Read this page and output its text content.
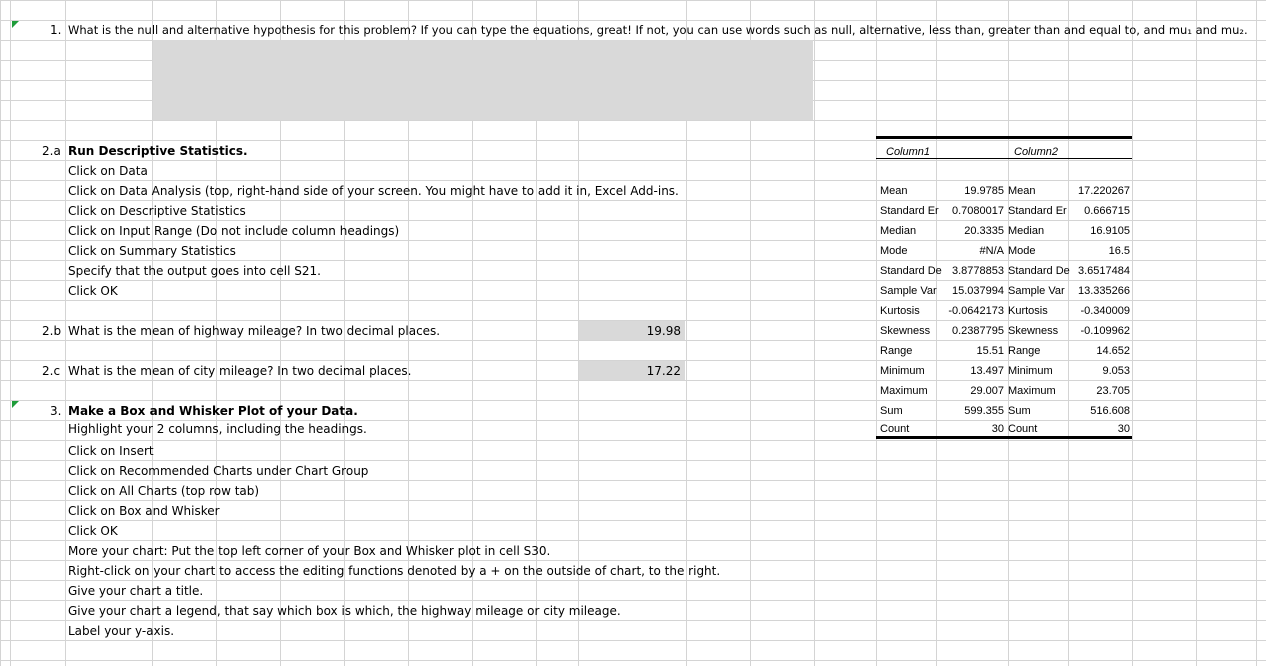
1. What is the null and alternative hypothesis for this problem? If you can type the equations, great! If not, you can use words such as null, alternative, less than, greater than and equal to, and mu₁ and mu₂.
2.a Run Descriptive Statistics.
Click on Data
Click on Data Analysis (top, right-hand side of your screen. You might have to add it in, Excel Add-ins.
Click on Descriptive Statistics
Click on Input Range (Do not include column headings)
Click on Summary Statistics
Specify that the output goes into cell S21.
Click OK
2.b What is the mean of highway mileage? In two decimal places.	19.98
2.c What is the mean of city mileage? In two decimal places.	17.22
3. Make a Box and Whisker Plot of your Data.
Highlight your 2 columns, including the headings.
Click on Insert
Click on Recommended Charts under Chart Group
Click on All Charts (top row tab)
Click on Box and Whisker
Click OK
More your chart: Put the top left corner of your Box and Whisker plot in cell S30.
Right-click on your chart to access the editing functions denoted by a + on the outside of chart, to the right.
Give your chart a title.
Give your chart a legend, that say which box is which, the highway mileage or city mileage.
Label your y-axis.
Column1	Column2
Mean	19.9785 Mean	17.220267
Standard Er	0.7080017 Standard Er	0.666715
Median	20.3335 Median	16.9105
Mode	#N/A Mode	16.5
Standard De 3.8778853 Standard De 3.6517484
Sample Var	15.037994 Sample Var	13.335266
Kurtosis	-0.0642173 Kurtosis	-0.340009
Skewness	0.2387795 Skewness	-0.109962
Range	15.51 Range	14.652
Minimum	13.497 Minimum	9.053
Maximum	29.007 Maximum	23.705
Sum	599.355 Sum	516.608
Count	30 Count	30
